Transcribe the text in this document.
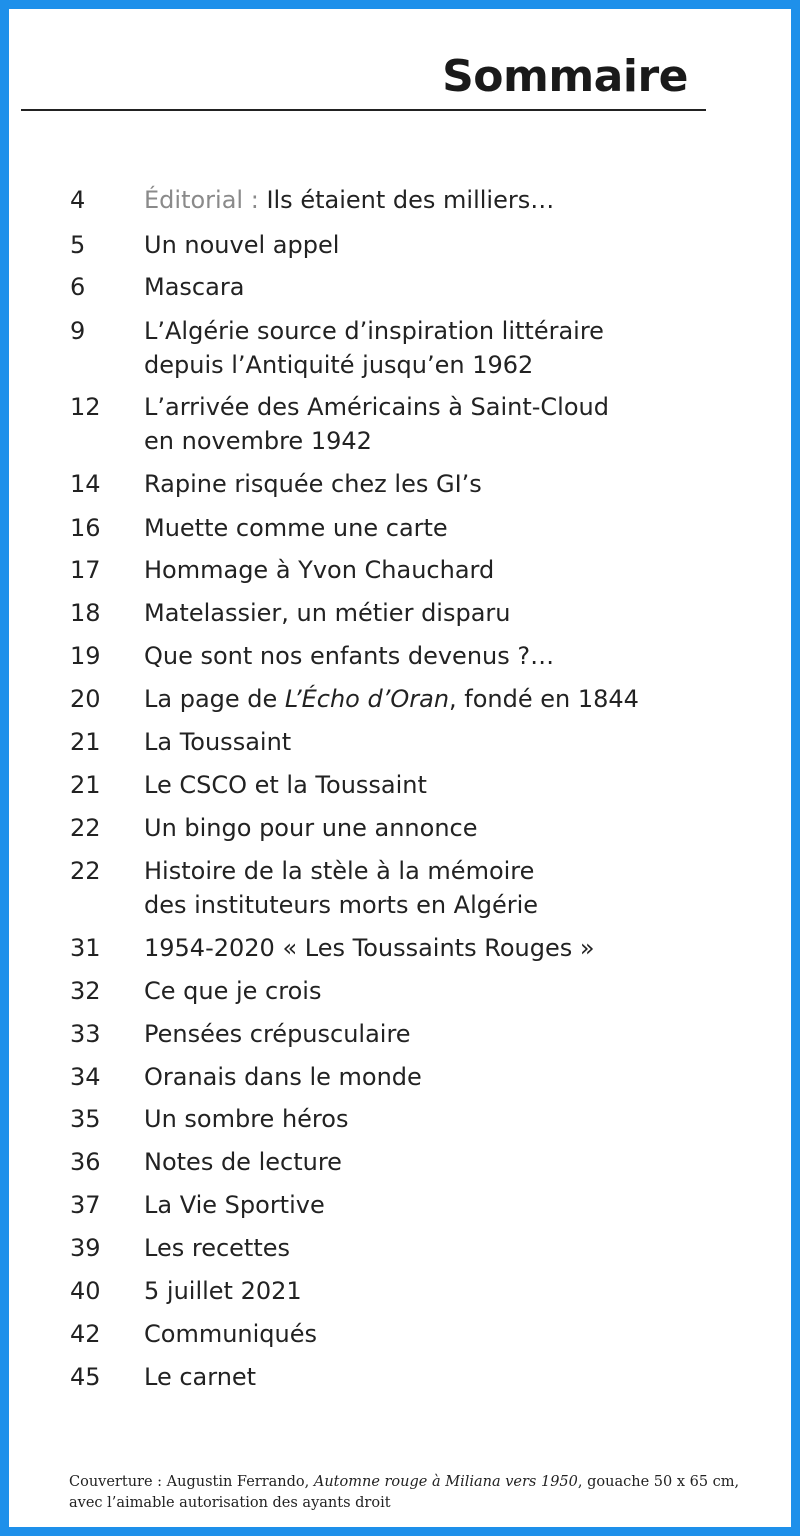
Sommaire
4	Éditorial : Ils étaient des milliers…
5	Un nouvel appel
6	Mascara
9	L’Algérie source d’inspiration littéraire
depuis l’Antiquité jusqu’en 1962
12	L’arrivée des Américains à Saint-Cloud
en novembre 1942
14	Rapine risquée chez les GI’s
16	Muette comme une carte
17	Hommage à Yvon Chauchard
18	Matelassier, un métier disparu
19	Que sont nos enfants devenus ?…
20	La page de L’Écho d’Oran, fondé en 1844
21	La Toussaint
21	Le CSCO et la Toussaint
22	Un bingo pour une annonce
22	Histoire de la stèle à la mémoire
des instituteurs morts en Algérie
31	1954-2020 « Les Toussaints Rouges »
32	Ce que je crois
33	Pensées crépusculaire
34	Oranais dans le monde
35	Un sombre héros
36	Notes de lecture
37	La Vie Sportive
39	Les recettes
40	5 juillet 2021
42	Communiqués
45	Le carnet
Couverture : Augustin Ferrando, Automne rouge à Miliana vers 1950, gouache 50 x 65 cm,
avec l’aimable autorisation des ayants droit
